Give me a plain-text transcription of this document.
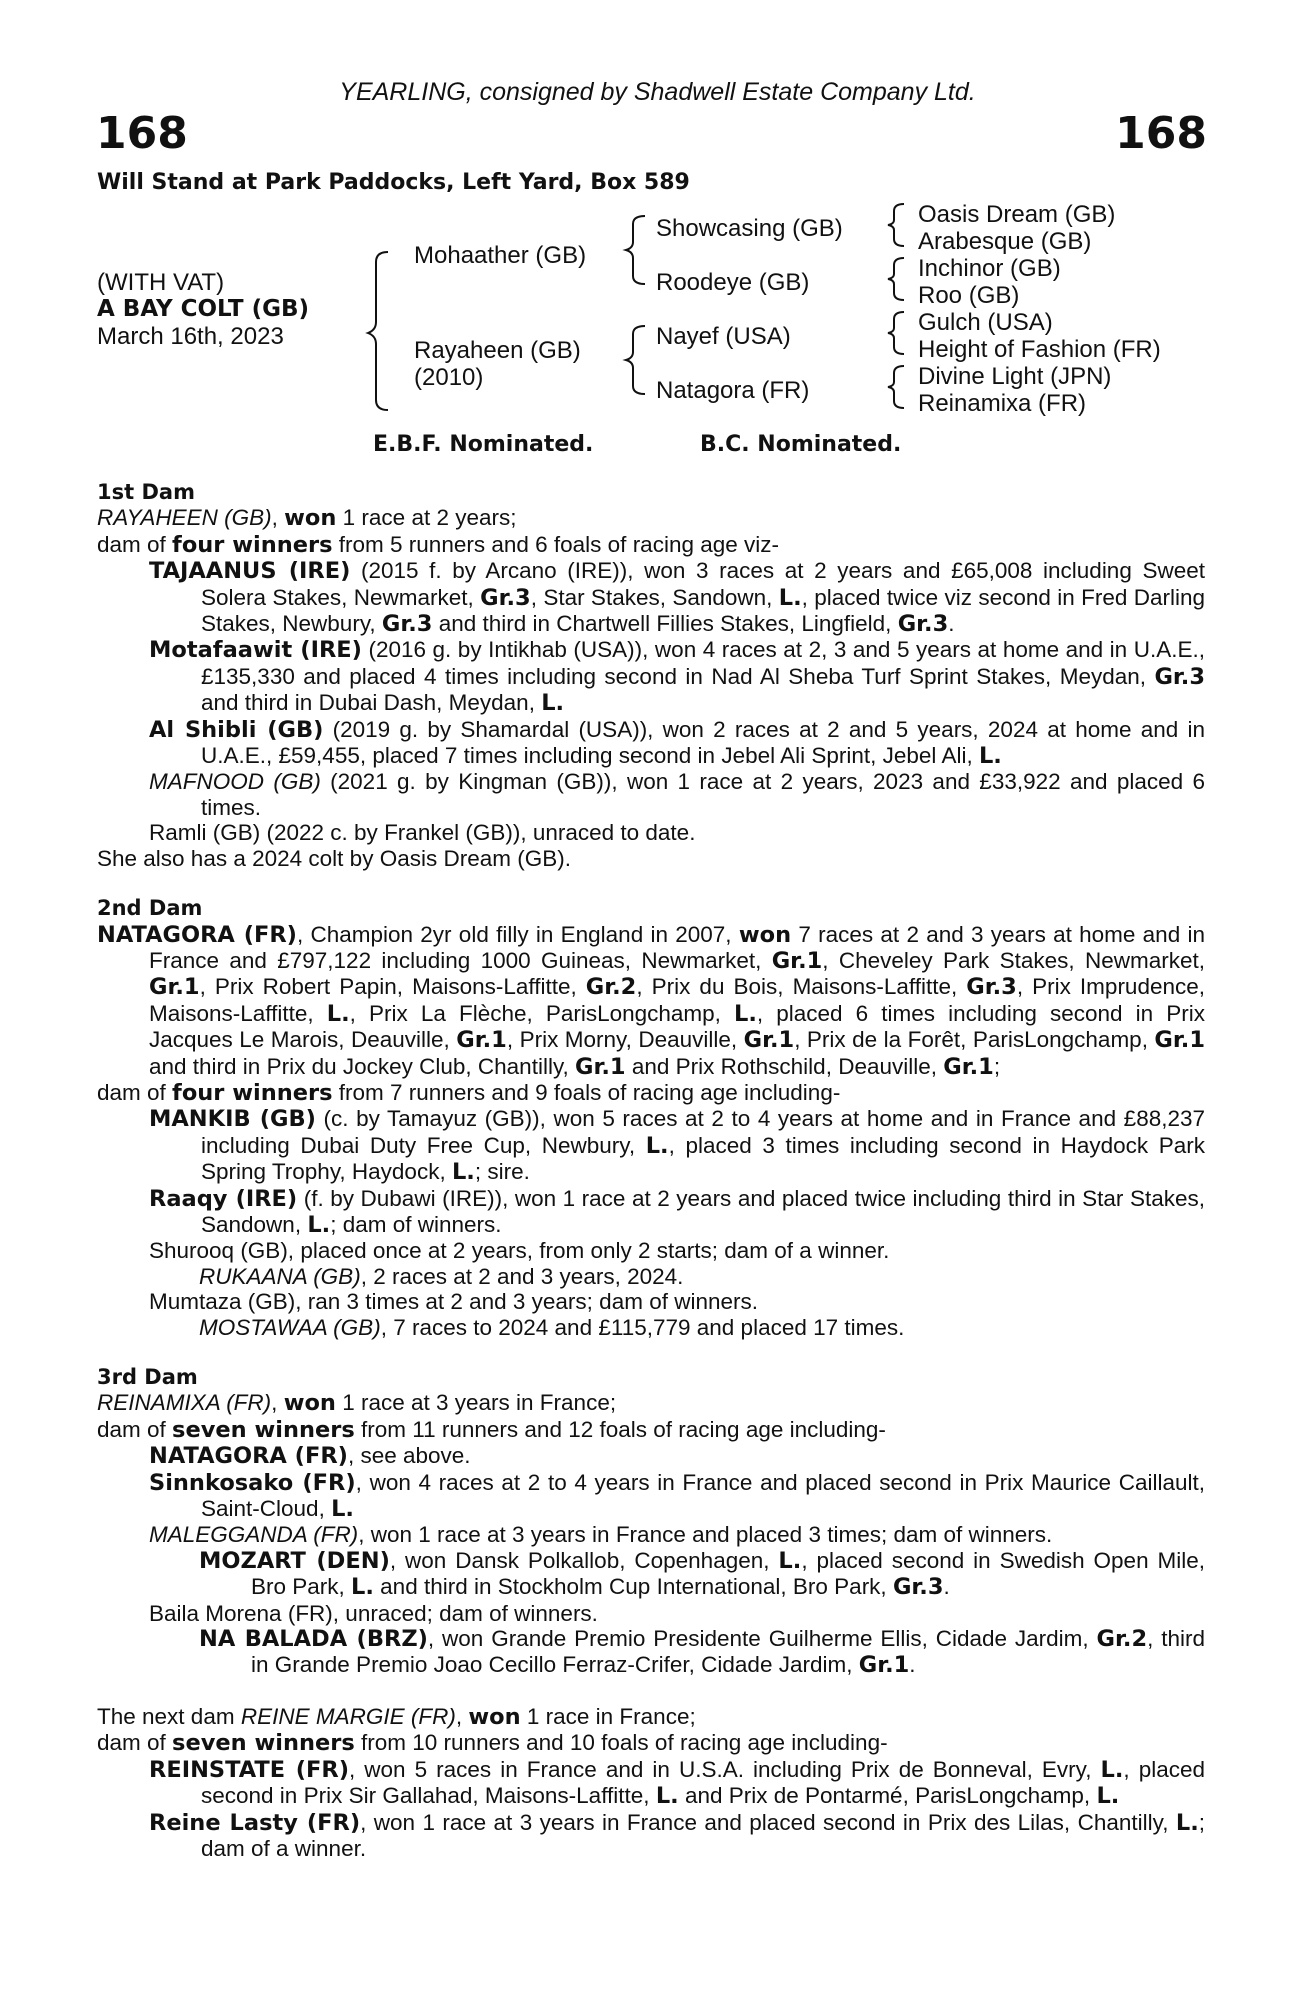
YEARLING, consigned by Shadwell Estate Company Ltd.
168	168
Will Stand at Park Paddocks, Left Yard, Box 589
(WITH VAT)
A BAY COLT (GB)
March 16th, 2023
Mohaather (GB)
Rayaheen (GB)
(2010)
Showcasing (GB)
Roodeye (GB)
Nayef (USA)
Natagora (FR)
Oasis Dream (GB)
Arabesque (GB)
Inchinor (GB)
Roo (GB)
Gulch (USA)
Height of Fashion (FR)
Divine Light (JPN)
Reinamixa (FR)
E.B.F. Nominated.	B.C. Nominated.
1st Dam

RAYAHEEN (GB), won 1 race at 2 years;

dam of four winners from 5 runners and 6 foals of racing age viz-

TAJAANUS (IRE) (2015 f. by Arcano (IRE)), won 3 races at 2 years and £65,008 including Sweet Solera Stakes, Newmarket, Gr.3, Star Stakes, Sandown, L., placed twice viz second in Fred Darling Stakes, Newbury, Gr.3 and third in Chartwell Fillies Stakes, Lingfield, Gr.3.

Motafaawit (IRE) (2016 g. by Intikhab (USA)), won 4 races at 2, 3 and 5 years at home and in U.A.E., £135,330 and placed 4 times including second in Nad Al Sheba Turf Sprint Stakes, Meydan, Gr.3 and third in Dubai Dash, Meydan, L.

Al Shibli (GB) (2019 g. by Shamardal (USA)), won 2 races at 2 and 5 years, 2024 at home and in U.A.E., £59,455, placed 7 times including second in Jebel Ali Sprint, Jebel Ali, L.

MAFNOOD (GB) (2021 g. by Kingman (GB)), won 1 race at 2 years, 2023 and £33,922 and placed 6 times.

Ramli (GB) (2022 c. by Frankel (GB)), unraced to date.

She also has a 2024 colt by Oasis Dream (GB).

2nd Dam

NATAGORA (FR), Champion 2yr old filly in England in 2007, won 7 races at 2 and 3 years at home and in France and £797,122 including 1000 Guineas, Newmarket, Gr.1, Cheveley Park Stakes, Newmarket, Gr.1, Prix Robert Papin, Maisons-Laffitte, Gr.2, Prix du Bois, Maisons-Laffitte, Gr.3, Prix Imprudence, Maisons-Laffitte, L., Prix La Flèche, ParisLongchamp, L., placed 6 times including second in Prix Jacques Le Marois, Deauville, Gr.1, Prix Morny, Deauville, Gr.1, Prix de la Forêt, ParisLongchamp, Gr.1 and third in Prix du Jockey Club, Chantilly, Gr.1 and Prix Rothschild, Deauville, Gr.1;

dam of four winners from 7 runners and 9 foals of racing age including-

MANKIB (GB) (c. by Tamayuz (GB)), won 5 races at 2 to 4 years at home and in France and £88,237 including Dubai Duty Free Cup, Newbury, L., placed 3 times including second in Haydock Park Spring Trophy, Haydock, L.; sire.

Raaqy (IRE) (f. by Dubawi (IRE)), won 1 race at 2 years and placed twice including third in Star Stakes, Sandown, L.; dam of winners.

Shurooq (GB), placed once at 2 years, from only 2 starts; dam of a winner.

RUKAANA (GB), 2 races at 2 and 3 years, 2024.

Mumtaza (GB), ran 3 times at 2 and 3 years; dam of winners.

MOSTAWAA (GB), 7 races to 2024 and £115,779 and placed 17 times.

3rd Dam

REINAMIXA (FR), won 1 race at 3 years in France;

dam of seven winners from 11 runners and 12 foals of racing age including-

NATAGORA (FR), see above.

Sinnkosako (FR), won 4 races at 2 to 4 years in France and placed second in Prix Maurice Caillault, Saint-Cloud, L.

MALEGGANDA (FR), won 1 race at 3 years in France and placed 3 times; dam of winners.

MOZART (DEN), won Dansk Polkallob, Copenhagen, L., placed second in Swedish Open Mile, Bro Park, L. and third in Stockholm Cup International, Bro Park, Gr.3.

Baila Morena (FR), unraced; dam of winners.

NA BALADA (BRZ), won Grande Premio Presidente Guilherme Ellis, Cidade Jardim, Gr.2, third in Grande Premio Joao Cecillo Ferraz-Crifer, Cidade Jardim, Gr.1.

The next dam REINE MARGIE (FR), won 1 race in France;

dam of seven winners from 10 runners and 10 foals of racing age including-

REINSTATE (FR), won 5 races in France and in U.S.A. including Prix de Bonneval, Evry, L., placed second in Prix Sir Gallahad, Maisons-Laffitte, L. and Prix de Pontarmé, ParisLongchamp, L.

Reine Lasty (FR), won 1 race at 3 years in France and placed second in Prix des Lilas, Chantilly, L.; dam of a winner.
